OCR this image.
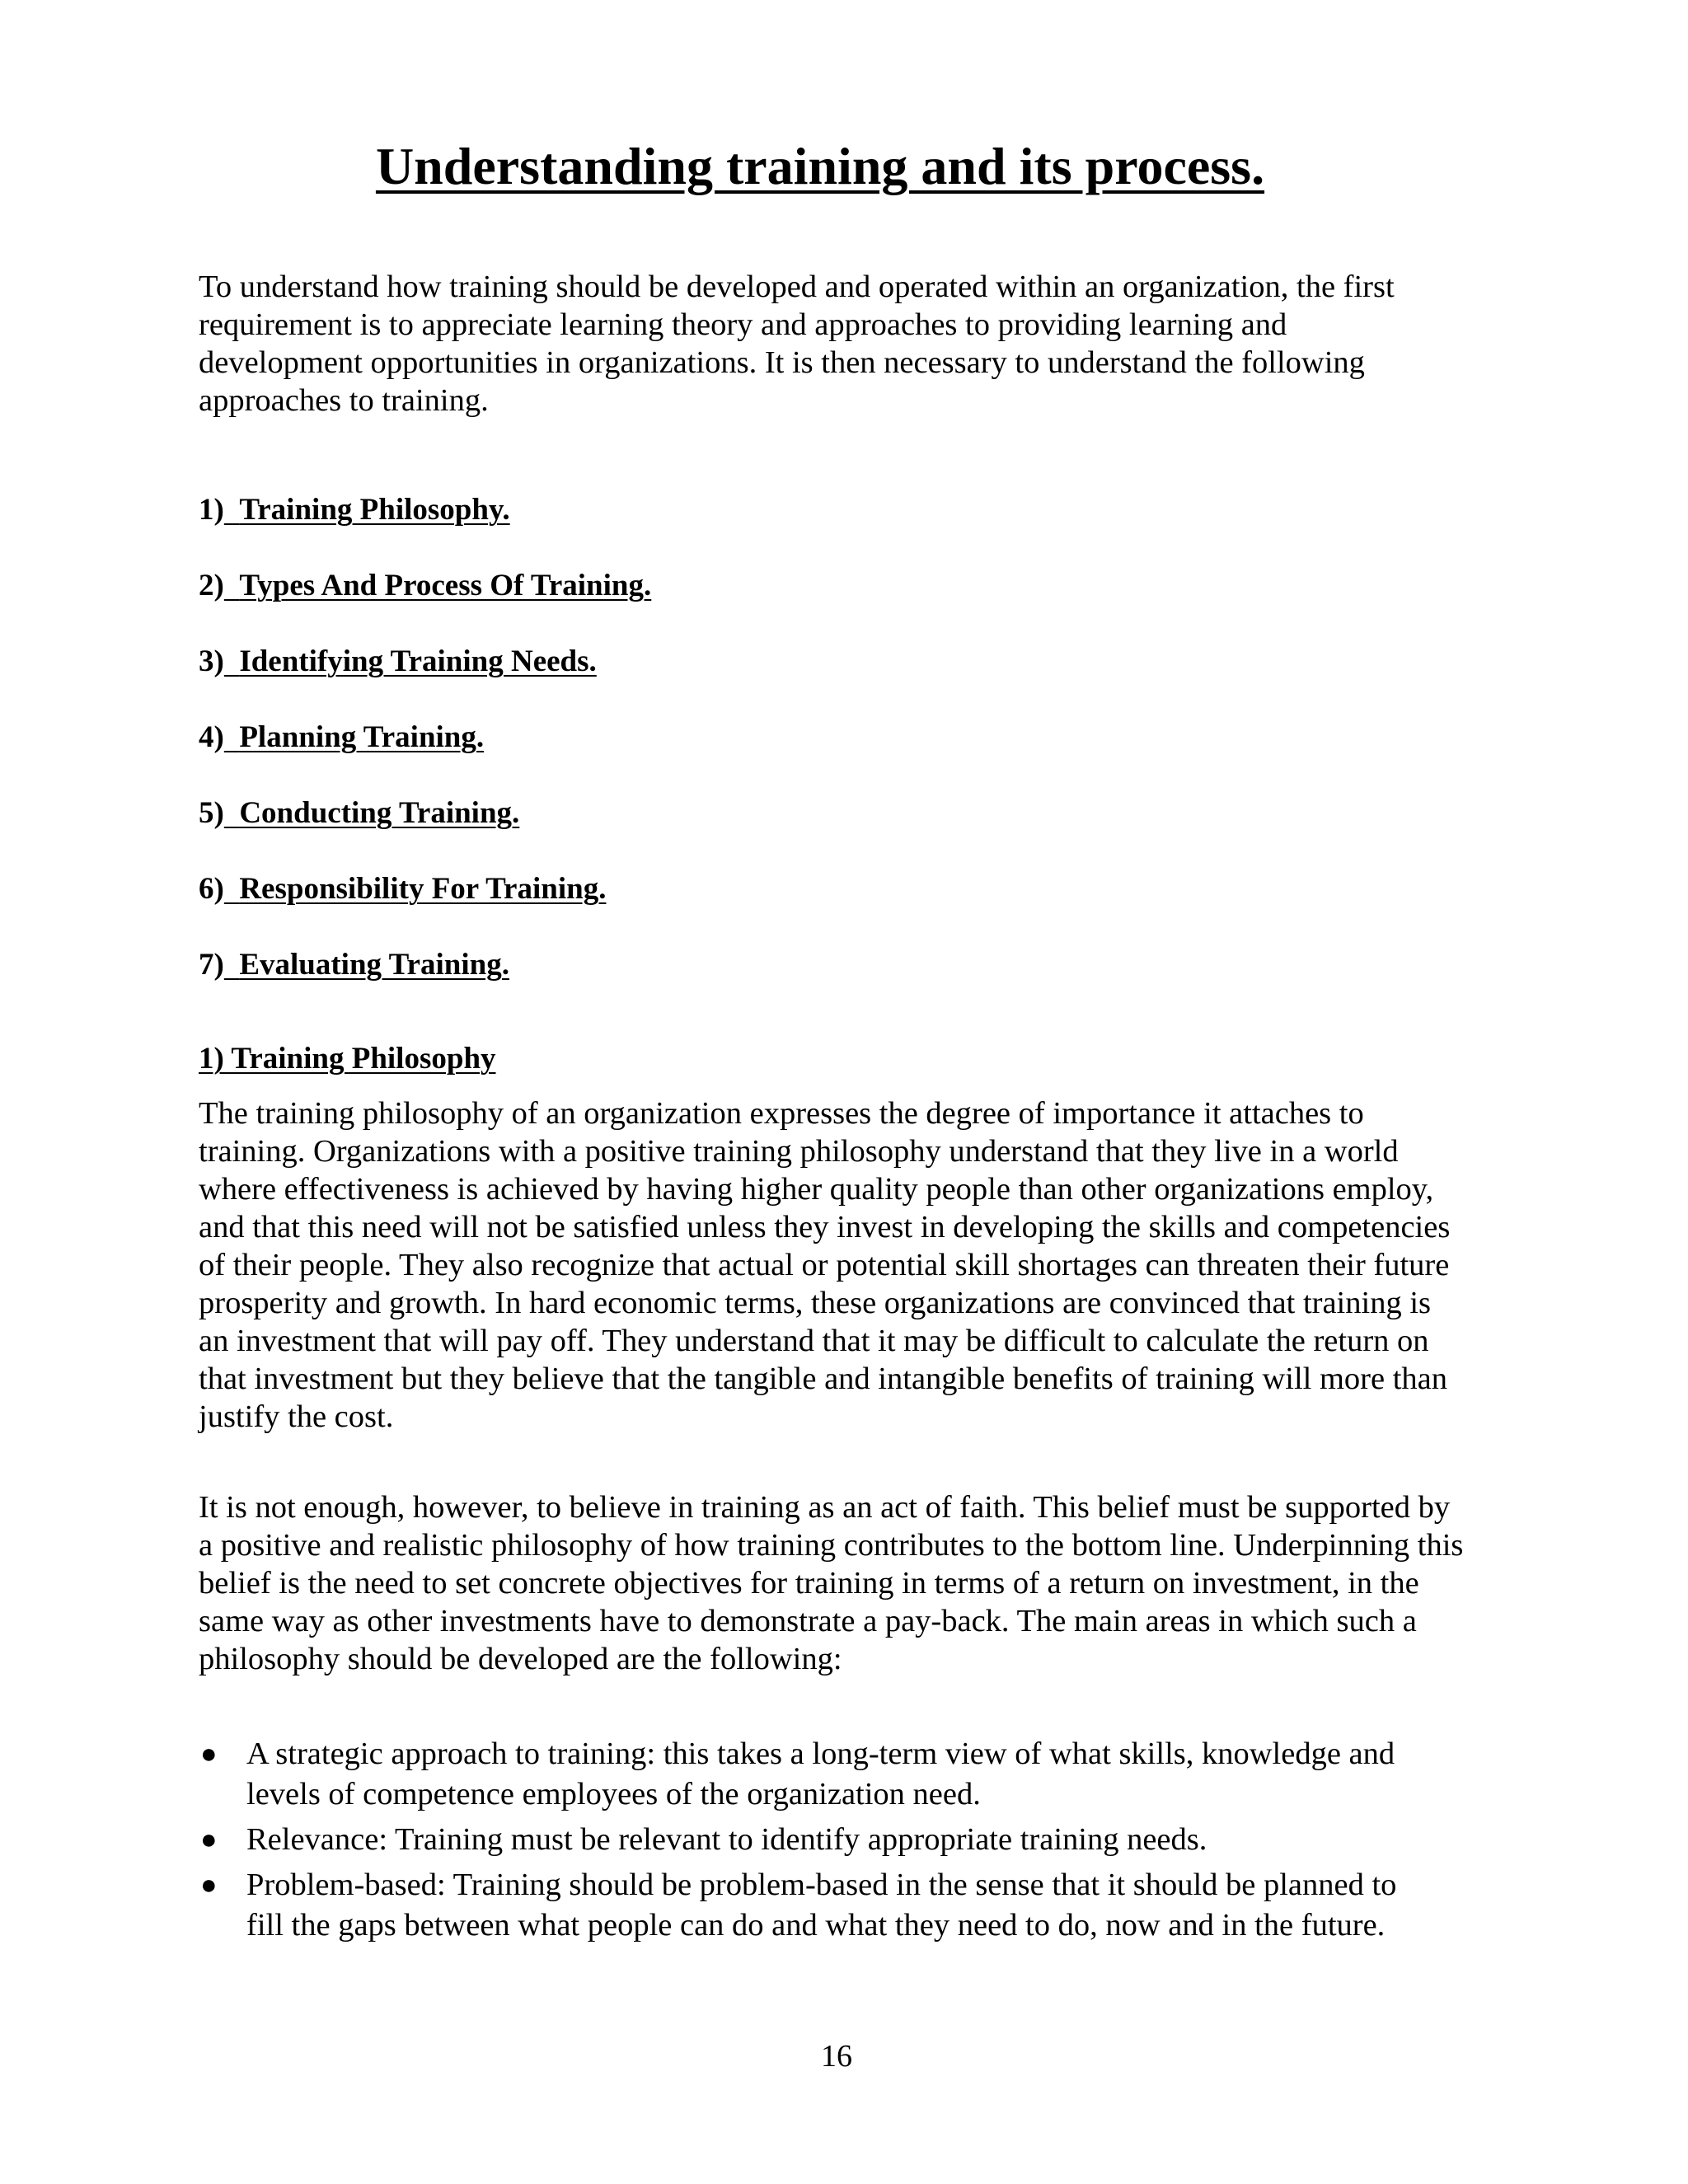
Understanding training and its process.

To understand how training should be developed and operated within an organization, the first requirement is to appreciate learning theory and approaches to providing learning and development opportunities in organizations. It is then necessary to understand the following approaches to training.

1) Training Philosophy.
2) Types And Process Of Training.
3) Identifying Training Needs.
4) Planning Training.
5) Conducting Training.
6) Responsibility For Training.
7) Evaluating Training.
1) Training Philosophy

The training philosophy of an organization expresses the degree of importance it attaches to training. Organizations with a positive training philosophy understand that they live in a world where effectiveness is achieved by having higher quality people than other organizations employ, and that this need will not be satisfied unless they invest in developing the skills and competencies of their people. They also recognize that actual or potential skill shortages can threaten their future prosperity and growth. In hard economic terms, these organizations are convinced that training is an investment that will pay off. They understand that it may be difficult to calculate the return on that investment but they believe that the tangible and intangible benefits of training will more than justify the cost.

It is not enough, however, to believe in training as an act of faith. This belief must be supported by a positive and realistic philosophy of how training contributes to the bottom line. Underpinning this belief is the need to set concrete objectives for training in terms of a return on investment, in the same way as other investments have to demonstrate a pay-back. The main areas in which such a philosophy should be developed are the following:

● A strategic approach to training: this takes a long-term view of what skills, knowledge and levels of competence employees of the organization need.
● Relevance: Training must be relevant to identify appropriate training needs.
● Problem-based: Training should be problem-based in the sense that it should be planned to fill the gaps between what people can do and what they need to do, now and in the future.

16
